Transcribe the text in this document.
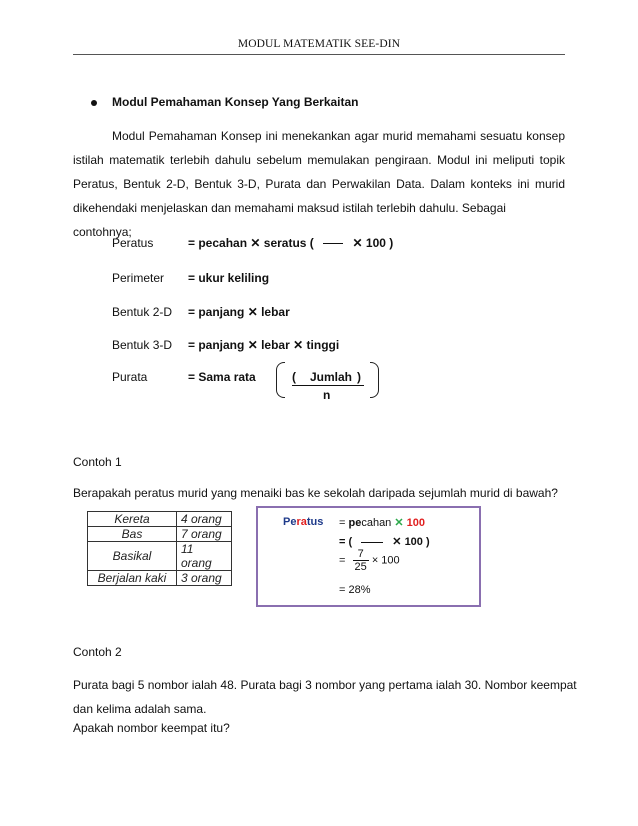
MODUL MATEMATIK SEE-DIN
Modul Pemahaman Konsep Yang Berkaitan
Modul Pemahaman Konsep ini menekankan agar murid memahami sesuatu konsep
istilah matematik terlebih dahulu sebelum memulakan pengiraan. Modul ini meliputi topik
Peratus, Bentuk 2-D, Bentuk 3-D, Purata dan Perwakilan Data. Dalam konteks ini murid
dikehendaki menjelaskan dan memahami maksud istilah terlebih dahulu. Sebagai contohnya;
Peratus	= pecahan ✕ seratus (	✕ 100 )
Perimeter = ukur keliling
Bentuk 2-D = panjang ✕ lebar
Bentuk 3-D = panjang ✕ lebar ✕ tinggi
Purata	= Sama rata	( Jumlah )
n
Contoh 1
Berapakah peratus murid yang menaiki bas ke sekolah daripada sejumlah murid di bawah?
Kereta	4 orang
Bas	7 orang
Basikal	11 orang
Berjalan kaki	3 orang
Peratus = pecahan ✕ 100
= (	✕ 100 )
= $\frac{7}{25} \times 100$
= 28%
Contoh 2
Purata bagi 5 nombor ialah 48. Purata bagi 3 nombor yang pertama ialah 30. Nombor keempat
dan kelima adalah sama.
Apakah nombor keempat itu?
